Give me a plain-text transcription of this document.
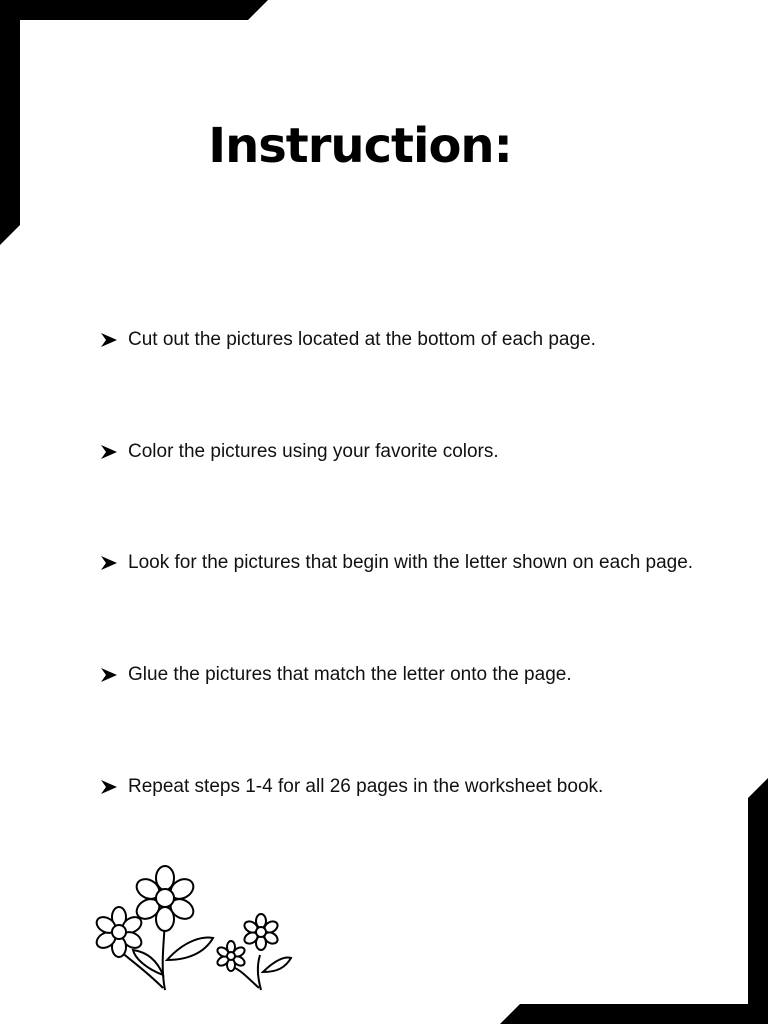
Instruction:
Cut out the pictures located at the bottom of each page.
Color the pictures using your favorite colors.
Look for the pictures that begin with the letter shown on each page.
Glue the pictures that match the letter onto the page.
Repeat steps 1-4 for all 26 pages in the worksheet book.
